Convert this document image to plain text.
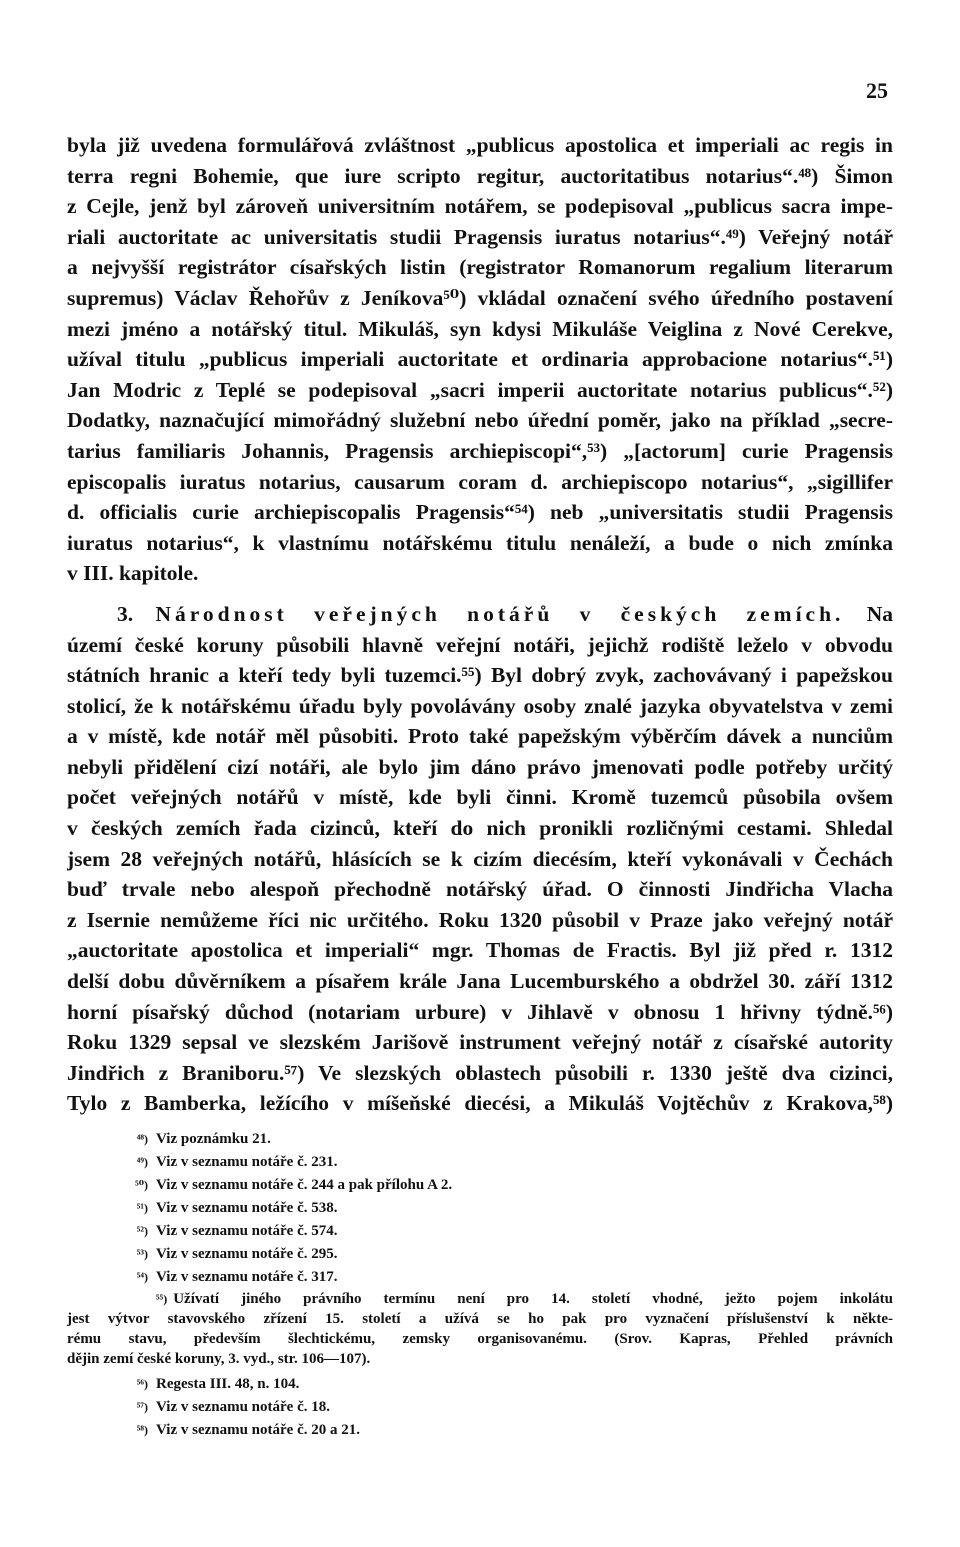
25
byla již uvedena formulářová zvláštnost „publicus apostolica et imperiali ac regis in
terra regni Bohemie, que iure scripto regitur, auctoritatibus notarius“.⁴⁸) Šimon
z Cejle, jenž byl zároveň universitním notářem, se podepisoval „publicus sacra impe-
riali auctoritate ac universitatis studii Pragensis iuratus notarius“.⁴⁹) Veřejný notář
a nejvyšší registrátor císařských listin (registrator Romanorum regalium literarum
supremus) Václav Řehořův z Jeníkova⁵⁰) vkládal označení svého úředního postavení
mezi jméno a notářský titul. Mikuláš, syn kdysi Mikuláše Veiglina z Nové Cerekve,
užíval titulu „publicus imperiali auctoritate et ordinaria approbacione notarius“.⁵¹)
Jan Modric z Teplé se podepisoval „sacri imperii auctoritate notarius publicus“.⁵²)
Dodatky, naznačující mimořádný služební nebo úřední poměr, jako na příklad „secre-
tarius familiaris Johannis, Pragensis archiepiscopi“,⁵³) „[actorum] curie Pragensis
episcopalis iuratus notarius, causarum coram d. archiepiscopo notarius“, „sigillifer
d. officialis curie archiepiscopalis Pragensis“⁵⁴) neb „universitatis studii Pragensis
iuratus notarius“, k vlastnímu notářskému titulu nenáleží, a bude o nich zmínka
v III. kapitole.
3. Národnost veřejných notářů v českých zemích. Na
území české koruny působili hlavně veřejní notáři, jejichž rodiště leželo v obvodu
státních hranic a kteří tedy byli tuzemci.⁵⁵) Byl dobrý zvyk, zachovávaný i papežskou
stolicí, že k notářskému úřadu byly povolávány osoby znalé jazyka obyvatelstva v zemi
a v místě, kde notář měl působiti. Proto také papežským výběrčím dávek a nunciům
nebyli přidělení cizí notáři, ale bylo jim dáno právo jmenovati podle potřeby určitý
počet veřejných notářů v místě, kde byli činni. Kromě tuzemců působila ovšem
v českých zemích řada cizinců, kteří do nich pronikli rozličnými cestami. Shledal
jsem 28 veřejných notářů, hlásících se k cizím diecésím, kteří vykonávali v Čechách
buď trvale nebo alespoň přechodně notářský úřad. O činnosti Jindřicha Vlacha
z Isernie nemůžeme říci nic určitého. Roku 1320 působil v Praze jako veřejný notář
„auctoritate apostolica et imperiali“ mgr. Thomas de Fractis. Byl již před r. 1312
delší dobu důvěrníkem a písařem krále Jana Lucemburského a obdržel 30. září 1312
horní písařský důchod (notariam urbure) v Jihlavě v obnosu 1 hřivny týdně.⁵⁶)
Roku 1329 sepsal ve slezském Jarišově instrument veřejný notář z císařské autority
Jindřich z Braniboru.⁵⁷) Ve slezských oblastech působili r. 1330 ještě dva cizinci,
Tylo z Bamberka, ležícího v míšeňské diecési, a Mikuláš Vojtěchův z Krakova,⁵⁸)
⁴⁸) Viz poznámku 21.
⁴⁹) Viz v seznamu notáře č. 231.
⁵⁰) Viz v seznamu notáře č. 244 a pak přílohu A 2.
⁵¹) Viz v seznamu notáře č. 538.
⁵²) Viz v seznamu notáře č. 574.
⁵³) Viz v seznamu notáře č. 295.
⁵⁴) Viz v seznamu notáře č. 317.
⁵⁵) Užívatí jiného právního termínu není pro 14. století vhodné, ježto pojem inkolátu
jest výtvor stavovského zřízení 15. století a užívá se ho pak pro vyznačení příslušenství k někte-
rému stavu, především šlechtickému, zemsky organisovanému. (Srov. Kapras, Přehled právních
dějin zemí české koruny, 3. vyd., str. 106—107).
⁵⁶) Regesta III. 48, n. 104.
⁵⁷) Viz v seznamu notáře č. 18.
⁵⁸) Viz v seznamu notáře č. 20 a 21.
